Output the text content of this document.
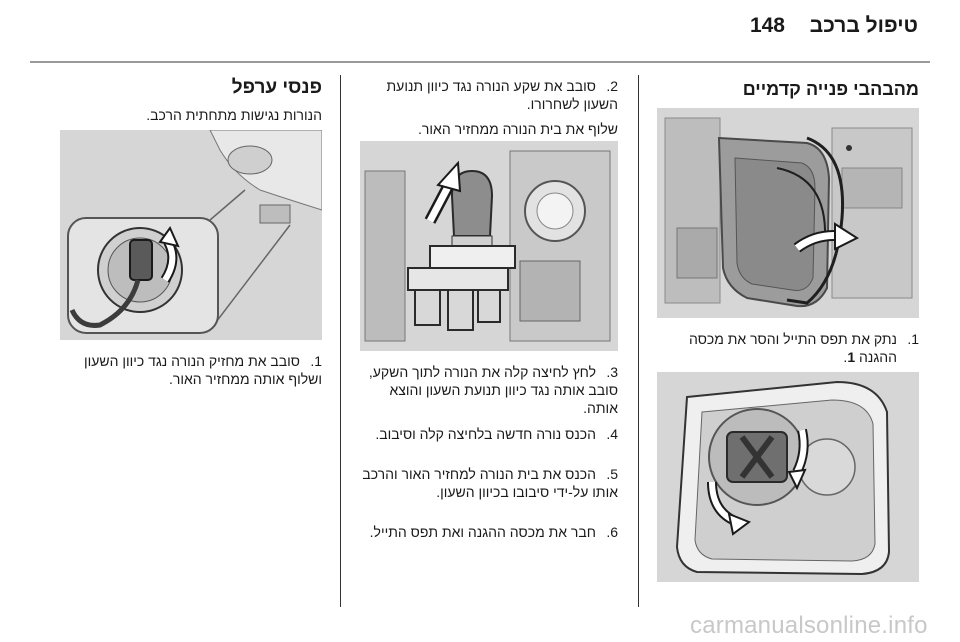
טיפול ברכב
148
מהבהבי פנייה קדמיים
1.נתק את תפס התייל והסר את מכסה
ההגנה 1.
2.סובב את שקע הנורה נגד כיוון תנועת השעון לשחרורו.
שלוף את בית הנורה ממחזיר האור.
3.לחץ לחיצה קלה את הנורה לתוך השקע, סובב אותה נגד כיוון תנועת השעון והוצא אותה.
4.הכנס נורה חדשה בלחיצה קלה וסיבוב.
5.הכנס את בית הנורה למחזיר האור והרכב אותו על-ידי סיבובו בכיוון השעון.
6.חבר את מכסה ההגנה ואת תפס התייל.
פנסי ערפל
הנורות נגישות מתחתית הרכב.
1.סובב את מחזיק הנורה נגד כיוון השעון ושלוף אותה ממחזיר האור.
carmanualsonline.info
